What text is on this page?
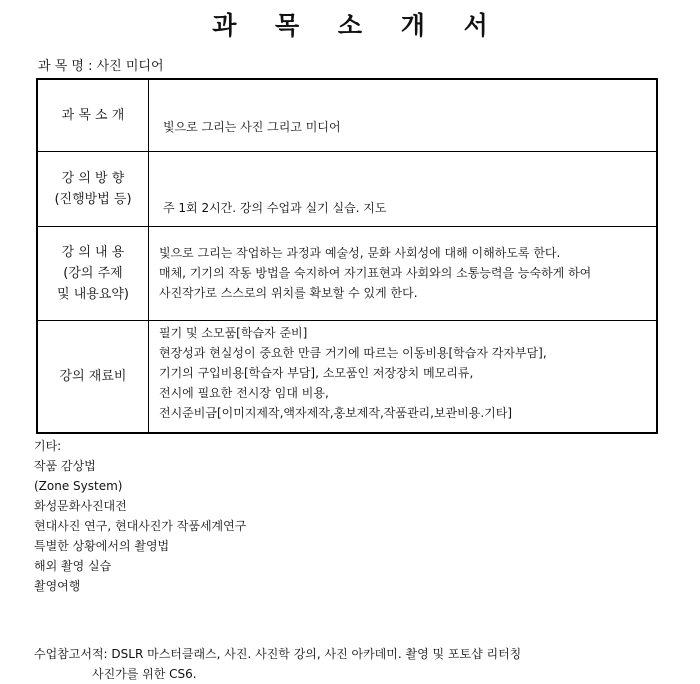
과 목 소 개 서
과 목 명 : 사진 미디어
과 목 소 개	빛으로 그리는 사진 그리고 미디어

강 의 방 향
(진행방법 등)	주 1회 2시간. 강의 수업과 실기 실습. 지도

강 의 내 용
(강의 주제
및 내용요약)	빛으로 그리는 작업하는 과정과 예술성, 문화 사회성에 대해 이해하도록 한다.
매체, 기기의 작동 방법을 숙지하여 자기표현과 사회와의 소통능력을 능숙하게 하여
사진작가로 스스로의 위치를 확보할 수 있게 한다.

강의 재료비	필기 및 소모품[학습자 준비]
현장성과 현실성이 중요한 만큼 거기에 따르는 이동비용[학습자 각자부담],
기기의 구입비용[학습자 부담], 소모품인 저장장치 메모리류,
전시에 필요한 전시장 임대 비용,
전시준비금[이미지제작,액자제작,홍보제작,작품관리,보관비용.기타]
기타:
작품 감상법
(Zone System)
화성문화사진대전
현대사진 연구, 현대사진가 작품세계연구
특별한 상황에서의 촬영법
해외 촬영 실습
촬영여행
수업참고서적: DSLR 마스터클래스, 사진. 사진학 강의, 사진 아카데미. 촬영 및 포토샵 리터칭
사진가를 위한 CS6.
